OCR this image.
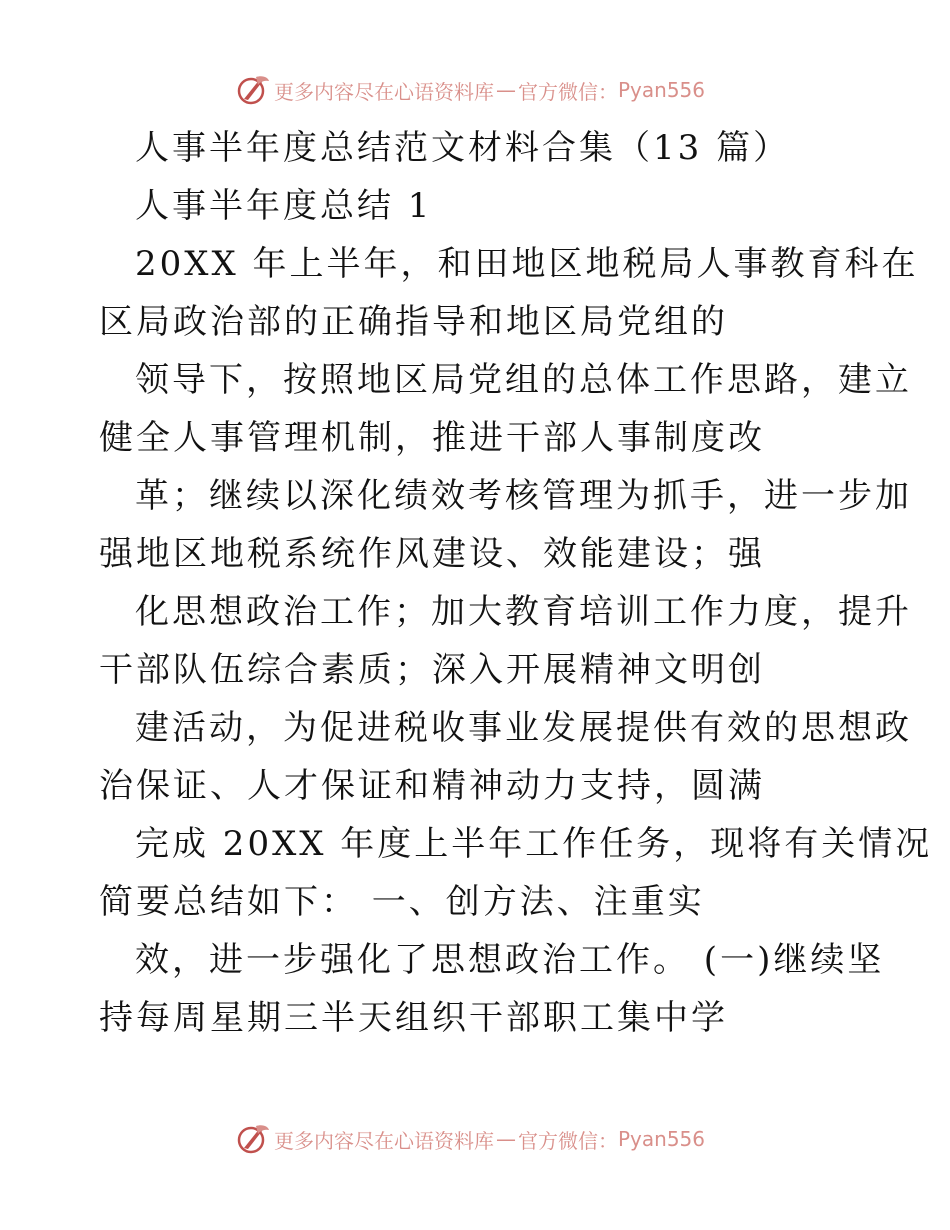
更多内容尽在心语资料库 — 官方微信： Pyan556
人事半年度总结范文材料合集（13 篇）
人事半年度总结 1
20XX 年上半年，和田地区地税局人事教育科在
区局政治部的正确指导和地区局党组的
领导下，按照地区局党组的总体工作思路，建立
健全人事管理机制，推进干部人事制度改
革；继续以深化绩效考核管理为抓手，进一步加
强地区地税系统作风建设、效能建设；强
化思想政治工作；加大教育培训工作力度，提升
干部队伍综合素质；深入开展精神文明创
建活动，为促进税收事业发展提供有效的思想政
治保证、人才保证和精神动力支持，圆满
完成 20XX 年度上半年工作任务，现将有关情况
简要总结如下： 一、创方法、注重实
效，进一步强化了思想政治工作。 (一)继续坚
持每周星期三半天组织干部职工集中学
更多内容尽在心语资料库 — 官方微信： Pyan556
